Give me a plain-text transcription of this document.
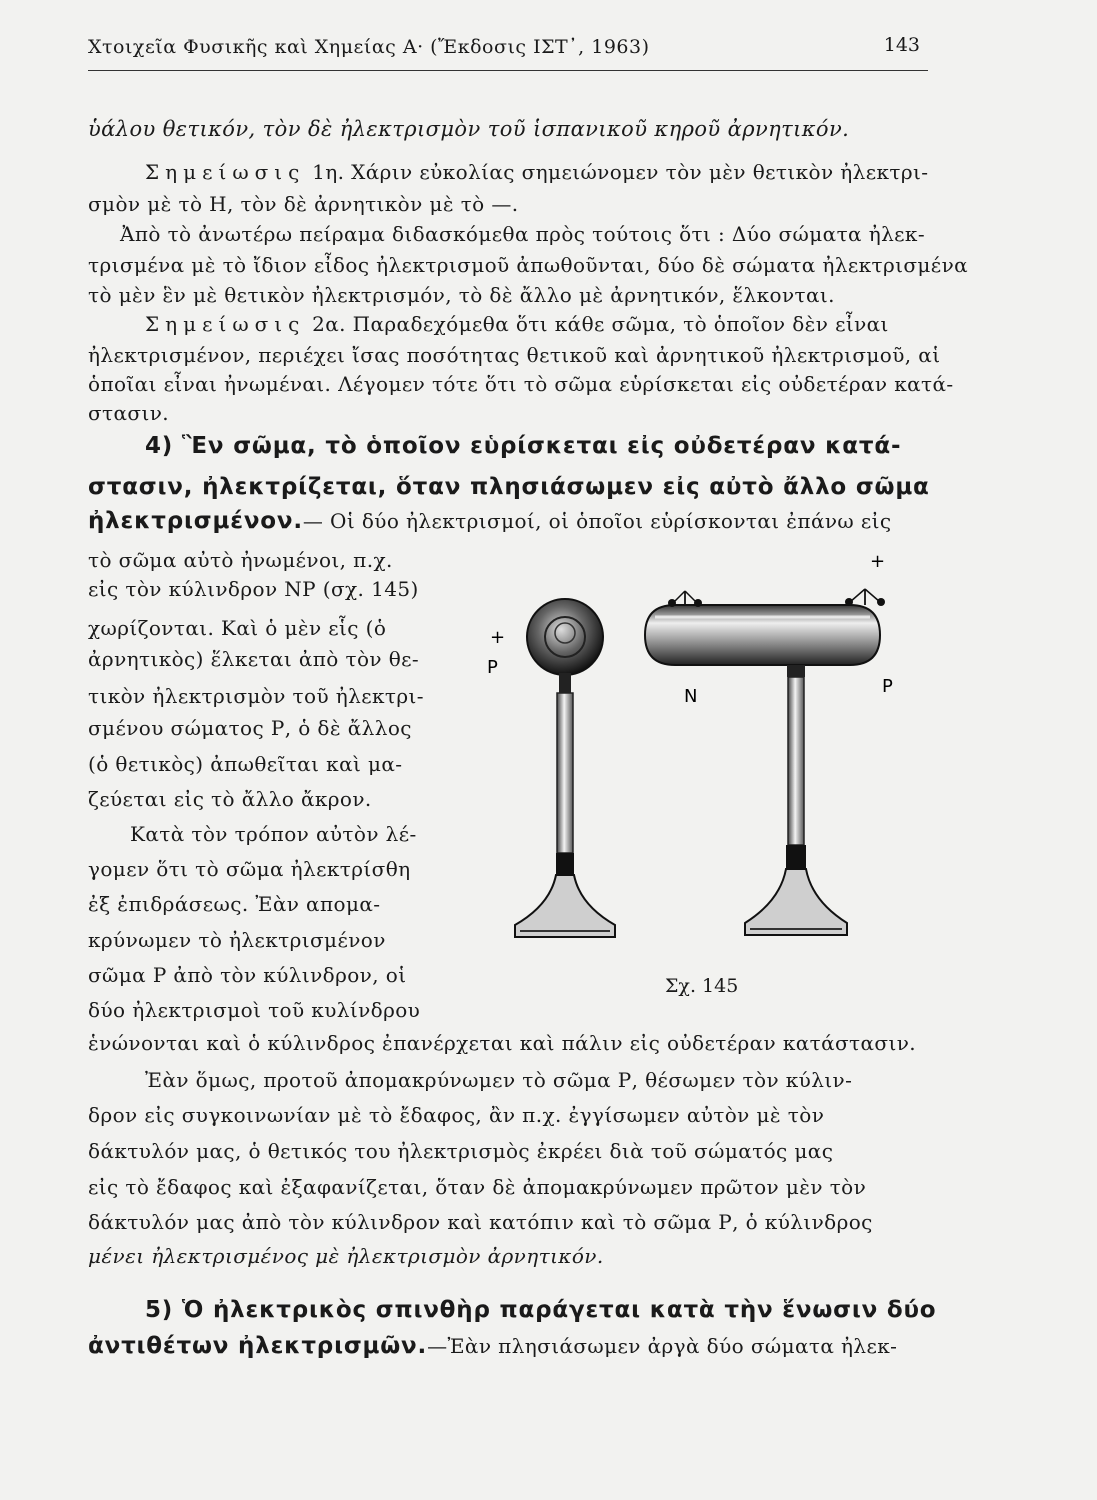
Χτοιχεῖα Φυσικῆς καὶ Χημείας Α· (Ἔκδοσις ΙΣΤ᾽, 1963)	143
ὑάλου θετικόν, τὸν δὲ ἠλεκτρισμὸν τοῦ ἱσπανικοῦ κηροῦ ἀρνητικόν.
Σημείωσις 1η. Χάριν εὐκολίας σημειώνομεν τὸν μὲν θετικὸν ἠλεκτρι-
σμὸν μὲ τὸ Η, τὸν δὲ ἀρνητικὸν μὲ τὸ —.
Ἀπὸ τὸ ἀνωτέρω πείραμα διδασκόμεθα πρὸς τούτοις ὅτι : Δύο σώματα ἠλεκ-
τρισμένα μὲ τὸ ἴδιον εἶδος ἠλεκτρισμοῦ ἀπωθοῦνται, δύο δὲ σώματα ἠλεκτρισμένα
τὸ μὲν ἓν μὲ θετικὸν ἠλεκτρισμόν, τὸ δὲ ἄλλο μὲ ἀρνητικόν, ἕλκονται.
Σημείωσις 2α. Παραδεχόμεθα ὅτι κάθε σῶμα, τὸ ὁποῖον δὲν εἶναι
ἠλεκτρισμένον, περιέχει ἴσας ποσότητας θετικοῦ καὶ ἀρνητικοῦ ἠλεκτρισμοῦ, αἱ
ὁποῖαι εἶναι ἠνωμέναι. Λέγομεν τότε ὅτι τὸ σῶμα εὑρίσκεται εἰς οὐδετέραν κατά-
στασιν.
4) Ἓν σῶμα, τὸ ὁποῖον εὑρίσκεται εἰς οὐδετέραν κατά-
στασιν, ἠλεκτρίζεται, ὅταν πλησιάσωμεν εἰς αὐτὸ ἄλλο σῶμα
ἠλεκτρισμένον.— Οἱ δύο ἠλεκτρισμοί, οἱ ὁποῖοι εὑρίσκονται ἐπάνω εἰς
τὸ σῶμα αὐτὸ ἠνωμένοι, π.χ.
εἰς τὸν κύλινδρον ΝΡ (σχ. 145)
χωρίζονται. Καὶ ὁ μὲν εἷς (ὁ
ἀρνητικὸς) ἕλκεται ἀπὸ τὸν θε-
τικὸν ἠλεκτρισμὸν τοῦ ἠλεκτρι-
σμένου σώματος Ρ, ὁ δὲ ἄλλος
(ὁ θετικὸς) ἀπωθεῖται καὶ μα-
ζεύεται εἰς τὸ ἄλλο ἄκρον.
Κατὰ τὸν τρόπον αὐτὸν λέ-
γομεν ὅτι τὸ σῶμα ἠλεκτρίσθη
ἐξ ἐπιδράσεως. Ἐὰν απομα-
κρύνωμεν τὸ ἠλεκτρισμένον
σῶμα Ρ ἀπὸ τὸν κύλινδρον, οἱ
δύο ἠλεκτρισμοὶ τοῦ κυλίνδρου
ἑνώνονται καὶ ὁ κύλινδρος ἐπανέρχεται καὶ πάλιν εἰς οὐδετέραν κατάστασιν.
Ἐὰν ὅμως, προτοῦ ἀπομακρύνωμεν τὸ σῶμα Ρ, θέσωμεν τὸν κύλιν-
δρον εἰς συγκοινωνίαν μὲ τὸ ἔδαφος, ἂν π.χ. ἐγγίσωμεν αὐτὸν μὲ τὸν
δάκτυλόν μας, ὁ θετικός του ἠλεκτρισμὸς ἐκρέει διὰ τοῦ σώματός μας
εἰς τὸ ἔδαφος καὶ ἐξαφανίζεται, ὅταν δὲ ἀπομακρύνωμεν πρῶτον μὲν τὸν
δάκτυλόν μας ἀπὸ τὸν κύλινδρον καὶ κατόπιν καὶ τὸ σῶμα Ρ, ὁ κύλινδρος
μένει ἠλεκτρισμένος μὲ ἠλεκτρισμὸν ἀρνητικόν.
5) Ὁ ἠλεκτρικὸς σπινθὴρ παράγεται κατὰ τὴν ἕνωσιν δύο
ἀντιθέτων ἠλεκτρισμῶν.—Ἐὰν πλησιάσωμεν ἀργὰ δύο σώματα ἠλεκ-
+
P
+
N	P
Σχ. 145
